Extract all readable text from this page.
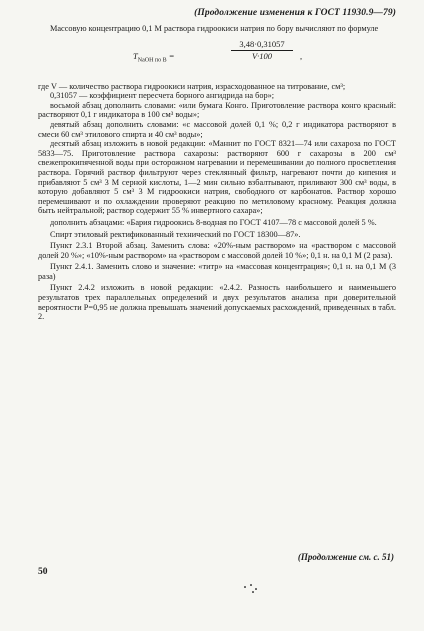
(Продолжение изменения к ГОСТ 11930.9—79)

Массовую концентрацию 0,1 М раствора гидроокиси натрия по бору вычисляют по формуле

$T_{NaOH по B}$ =	$\frac{3,48\cdot 0,31057}{V\cdot 100}$ ,

где V — количество раствора гидроокиси натрия, израсходованное на титрование, см³;

0,31057 — коэффициент пересчета борного ангидрида на бор»;

восьмой абзац дополнить словами: «или бумага Конго. Приготовление раствора конго красный: растворяют 0,1 г индикатора в 100 см³ воды»;

девятый абзац дополнить словами: «с массовой долей 0,1 %; 0,2 г индикатора растворяют в смеси 60 см³ этилового спирта и 40 см³ воды»;

десятый абзац изложить в новой редакции: «Маннит по ГОСТ 8321—74 или сахароза по ГОСТ 5833—75. Приготовление раствора сахарозы: растворяют 600 г сахарозы в 200 см³ свежепрокипяченной воды при осторожном нагревании и перемешивании до полного просветления раствора. Горячий раствор фильтруют через стеклянный фильтр, нагревают почти до кипения и прибавляют 5 см³ 3 М серной кислоты, 1—2 мин сильно взбалтывают, приливают 300 см³ воды, в которую добавляют 5 см³ 3 М гидроокиси натрия, свободного от карбонатов. Раствор хорошо перемешивают и по охлаждении проверяют реакцию по метиловому красному. Реакция должна быть нейтральной; раствор содержит 55 % инвертного сахара»;

дополнить абзацами: «Бария гидроокись 8-водная по ГОСТ 4107—78 с массовой долей 5 %.

Спирт этиловый ректификованный технический по ГОСТ 18300—87».

Пункт 2.3.1 Второй абзац. Заменить слова: «20%-ным раствором» на «раствором с массовой долей 20 %»; «10%-ным раствором» на «раствором с массовой долей 10 %»; 0,1 н. на 0,1 М (2 раза).

Пункт 2.4.1. Заменить слово и значение: «титр» на «массовая концентрация»; 0,1 н. на 0,1 М (3 раза)

Пункт 2.4.2 изложить в новой редакции: «2.4.2. Разность наибольшего и наименьшего результатов трех параллельных определений и двух результатов анализа при доверительной вероятности P=0,95 не должна превышать значений допускаемых расхождений, приведенных в табл. 2.

(Продолжение см. с. 51)
50
